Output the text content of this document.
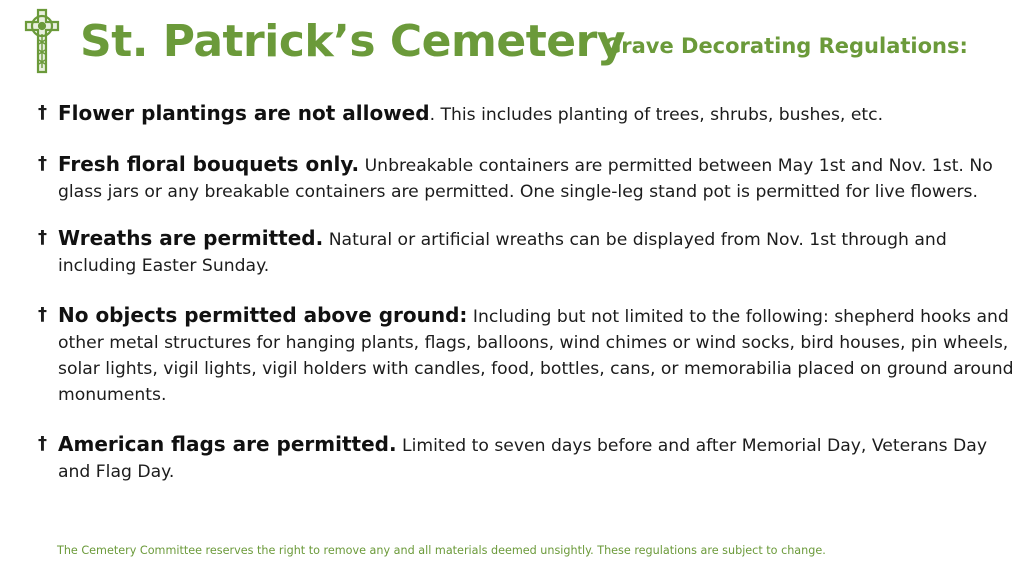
St. Patrick’s Cemetery
Grave Decorating Regulations:
† Flower plantings are not allowed. This includes planting of trees, shrubs, bushes, etc.
† Fresh floral bouquets only. Unbreakable containers are permitted between May 1st and Nov. 1st. No glass jars or any breakable containers are permitted. One single-leg stand pot is permitted for live flowers.
† Wreaths are permitted. Natural or artificial wreaths can be displayed from Nov. 1st through and including Easter Sunday.
† No objects permitted above ground: Including but not limited to the following: shepherd hooks and other metal structures for hanging plants, flags, balloons, wind chimes or wind socks, bird houses, pin wheels, solar lights, vigil lights, vigil holders with candles, food, bottles, cans, or memorabilia placed on ground around monuments.
† American flags are permitted. Limited to seven days before and after Memorial Day, Veterans Day and Flag Day.
The Cemetery Committee reserves the right to remove any and all materials deemed unsightly. These regulations are subject to change.
